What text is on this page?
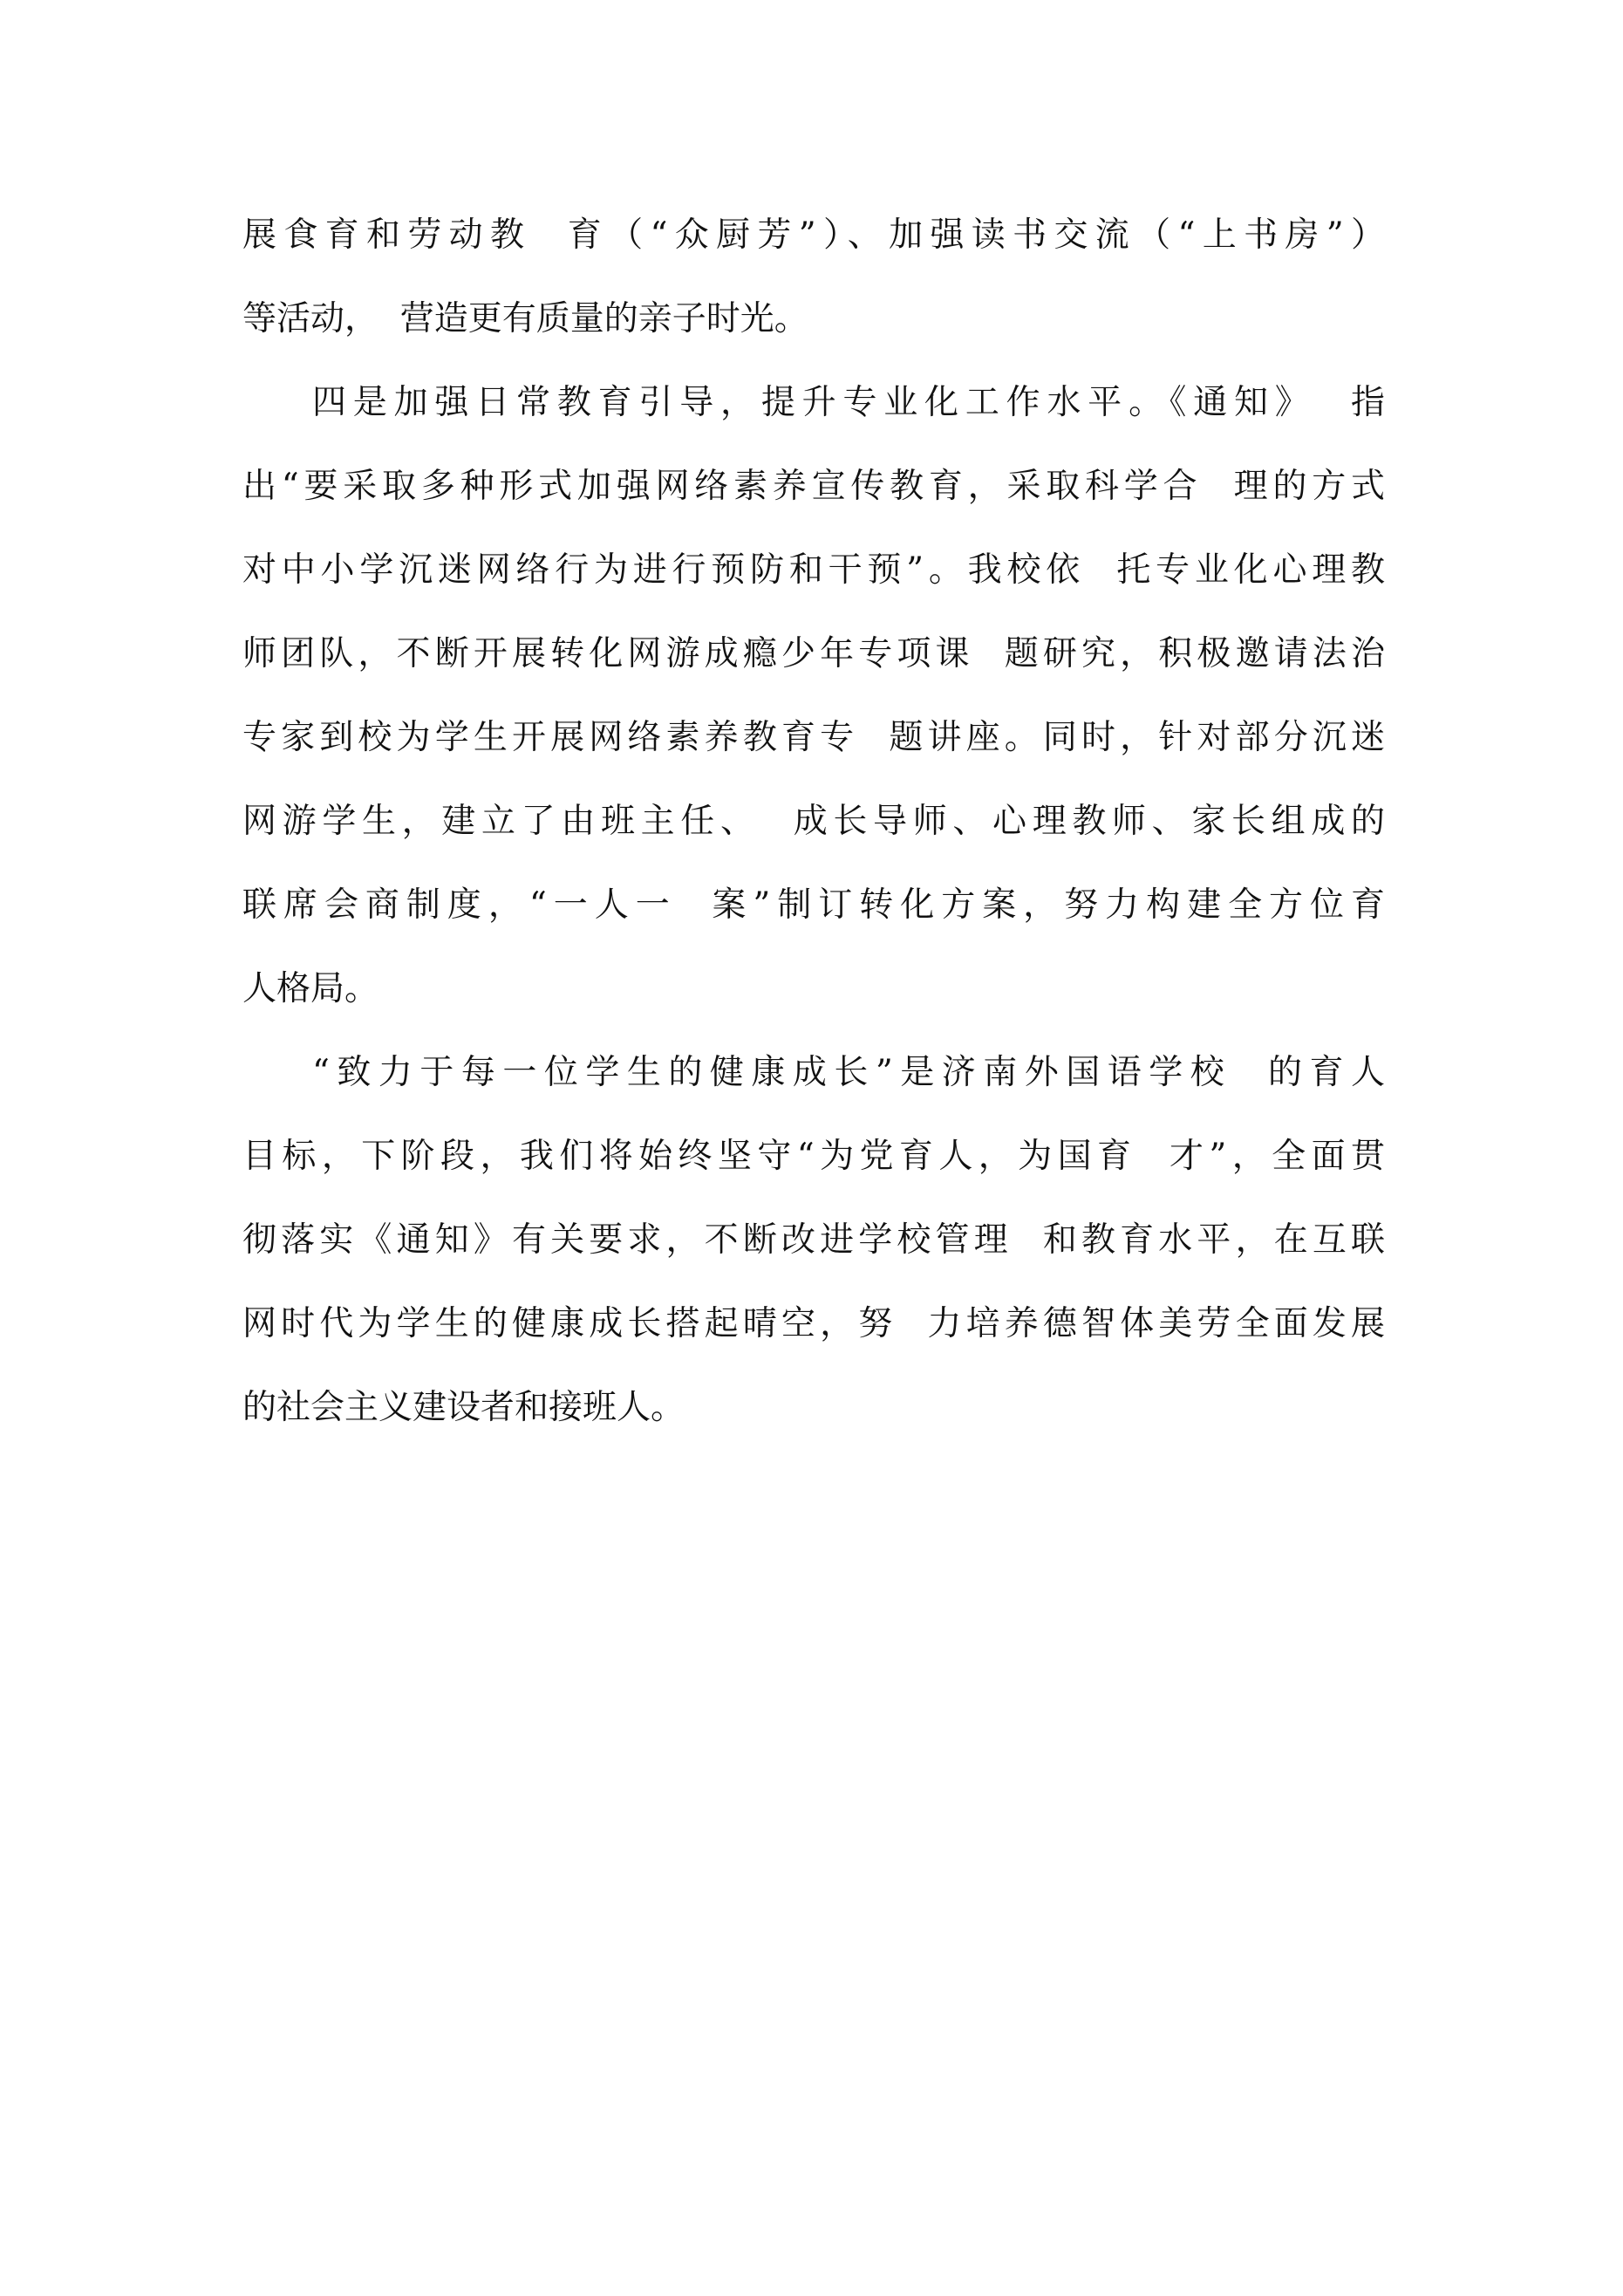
展食育和劳动教  育（“众厨芳”）、加强读书交流（“上书房”）
等活动，  营造更有质量的亲子时光。
四是加强日常教育引导，提升专业化工作水平。《通知》  指
出“要采取多种形式加强网络素养宣传教育，采取科学合  理的方式
对中小学沉迷网络行为进行预防和干预”。我校依  托专业化心理教
师团队，不断开展转化网游成瘾少年专项课  题研究，积极邀请法治
专家到校为学生开展网络素养教育专  题讲座。同时，针对部分沉迷
网游学生，建立了由班主任、  成长导师、心理教师、家长组成的
联席会商制度，“一人一  案”制订转化方案，努力构建全方位育
人格局。
“致力于每一位学生的健康成长”是济南外国语学校  的育人
目标，下阶段，我们将始终坚守“为党育人，为国育  才”，全面贯
彻落实《通知》有关要求，不断改进学校管理  和教育水平，在互联
网时代为学生的健康成长搭起晴空，努  力培养德智体美劳全面发展
的社会主义建设者和接班人。
